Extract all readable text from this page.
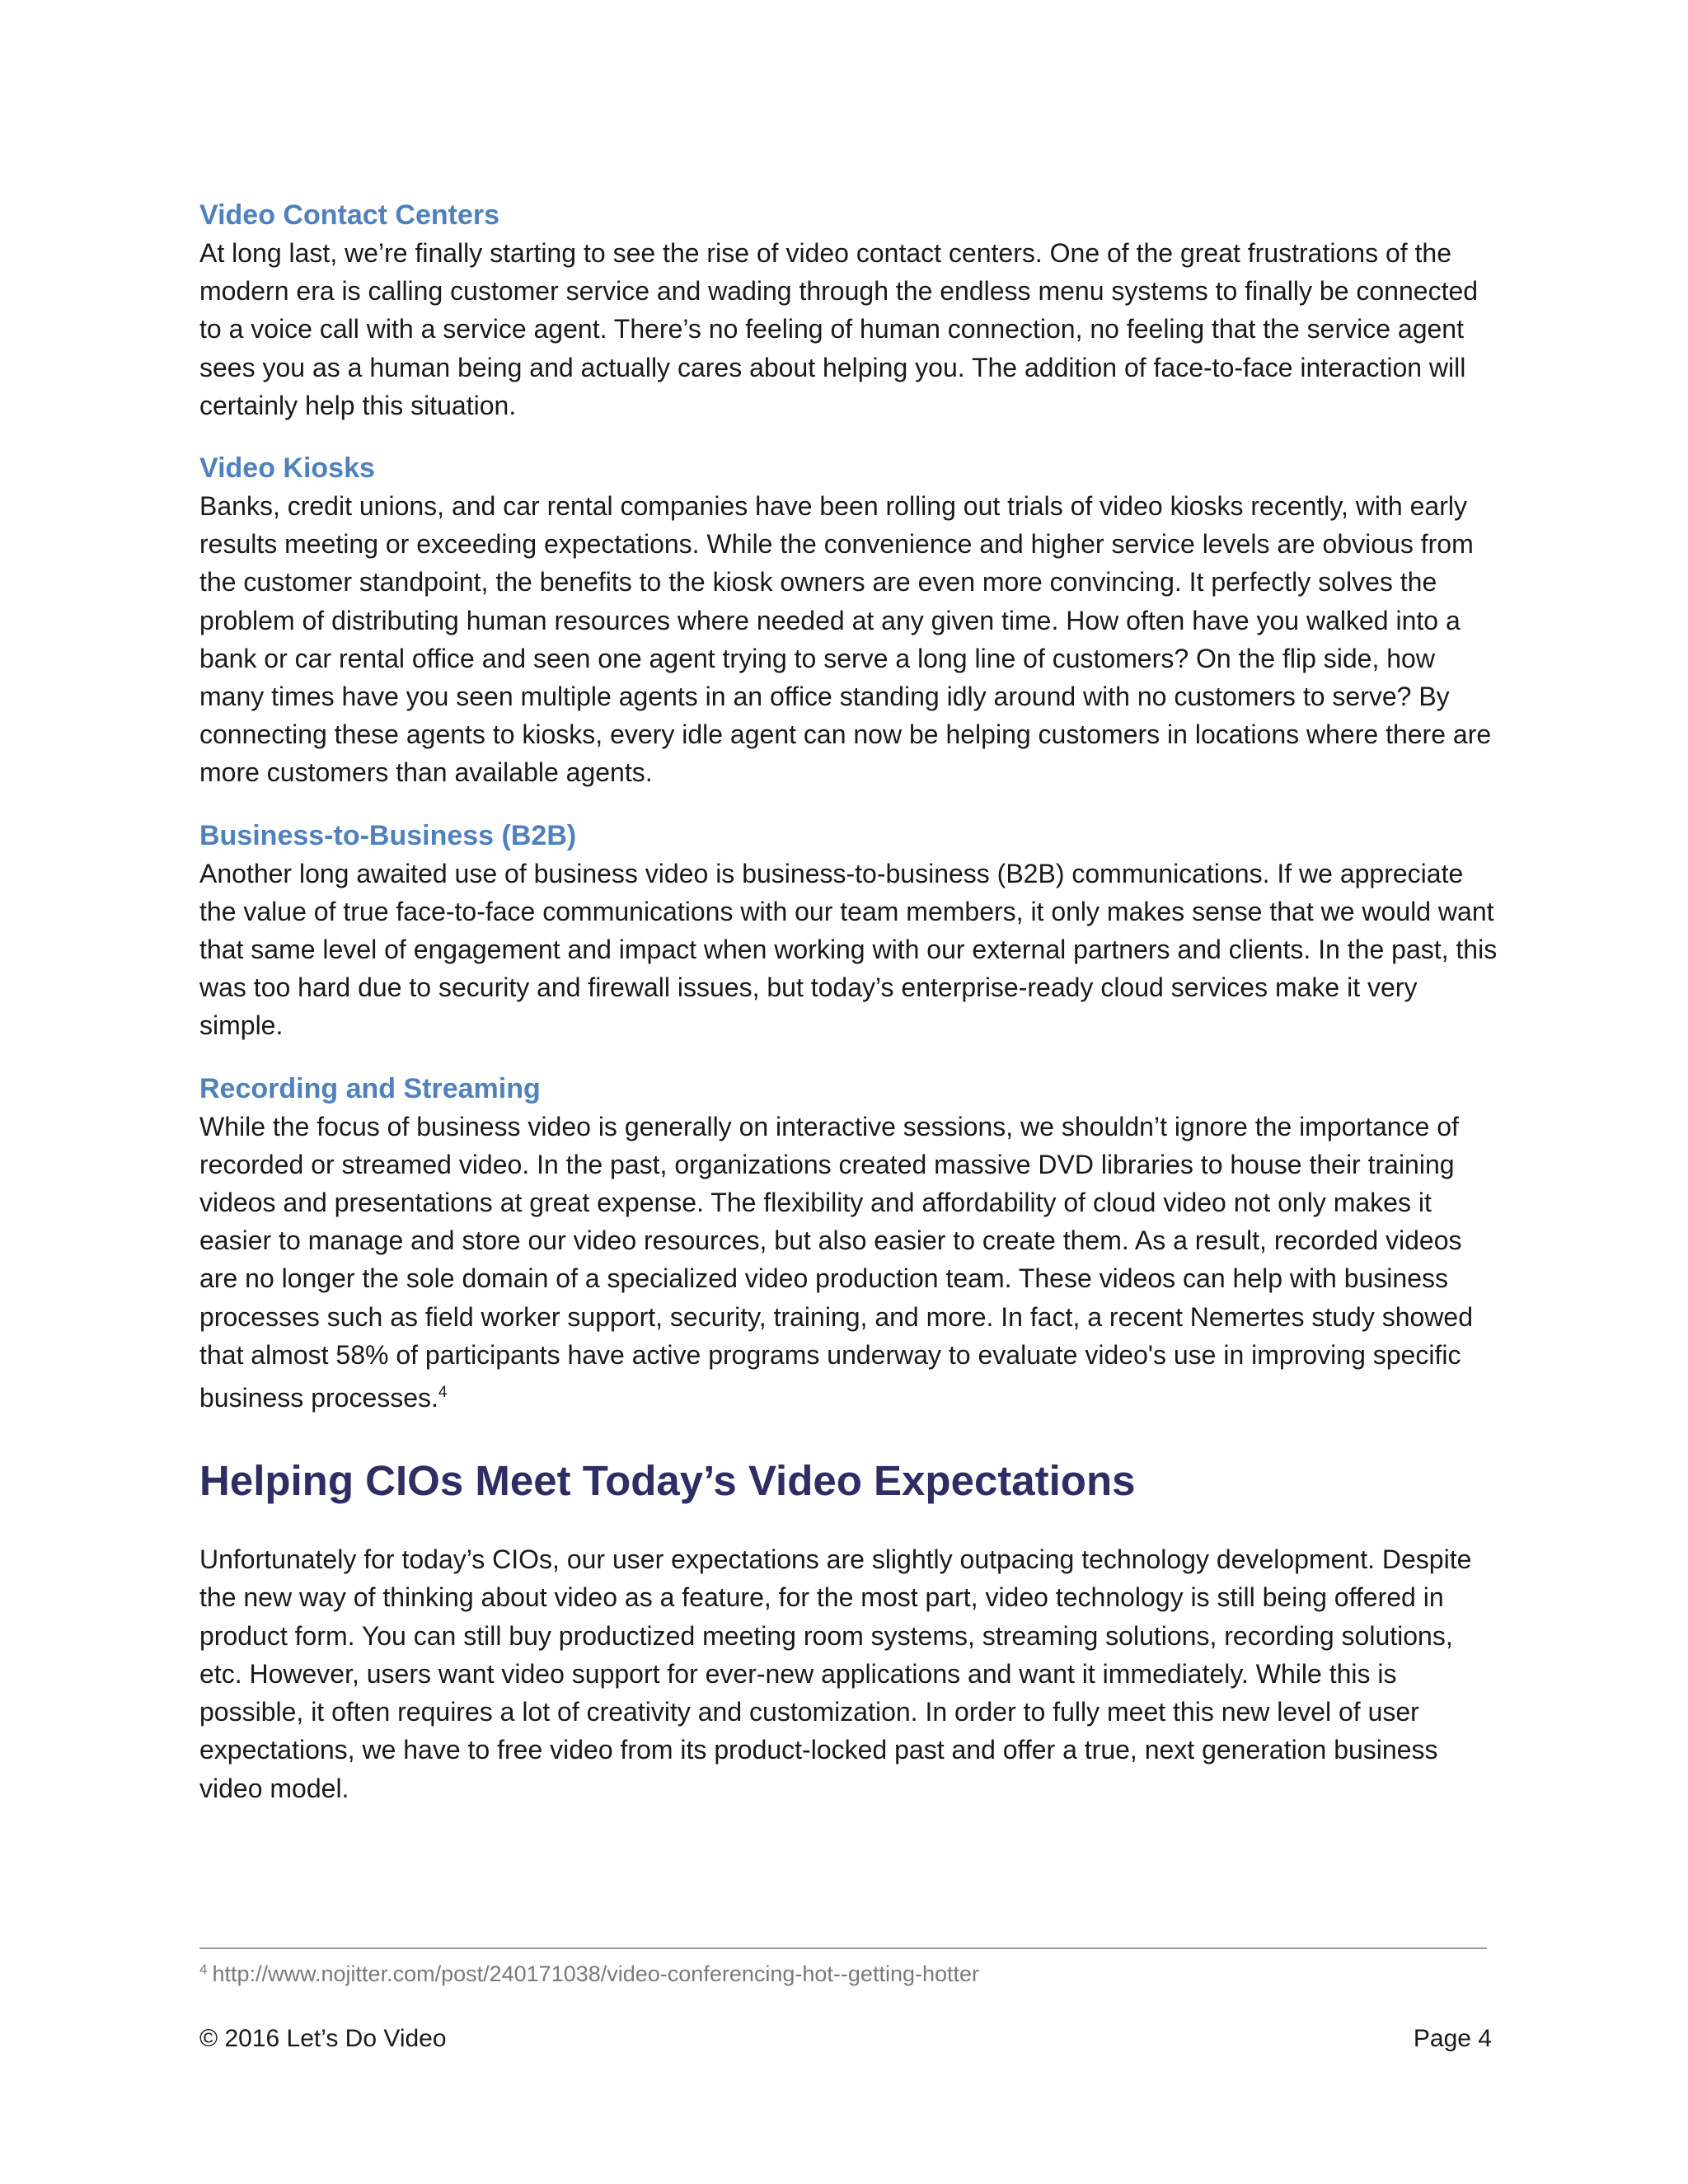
Video Contact Centers

At long last, we’re finally starting to see the rise of video contact centers. One of the great frustrations of the modern era is calling customer service and wading through the endless menu systems to finally be connected to a voice call with a service agent. There’s no feeling of human connection, no feeling that the service agent sees you as a human being and actually cares about helping you. The addition of face-to-face interaction will certainly help this situation.

Video Kiosks

Banks, credit unions, and car rental companies have been rolling out trials of video kiosks recently, with early results meeting or exceeding expectations. While the convenience and higher service levels are obvious from the customer standpoint, the benefits to the kiosk owners are even more convincing. It perfectly solves the problem of distributing human resources where needed at any given time. How often have you walked into a bank or car rental office and seen one agent trying to serve a long line of customers? On the flip side, how many times have you seen multiple agents in an office standing idly around with no customers to serve? By connecting these agents to kiosks, every idle agent can now be helping customers in locations where there are more customers than available agents.

Business-to-Business (B2B)

Another long awaited use of business video is business-to-business (B2B) communications. If we appreciate the value of true face-to-face communications with our team members, it only makes sense that we would want that same level of engagement and impact when working with our external partners and clients. In the past, this was too hard due to security and firewall issues, but today’s enterprise-ready cloud services make it very simple.

Recording and Streaming

While the focus of business video is generally on interactive sessions, we shouldn’t ignore the importance of recorded or streamed video. In the past, organizations created massive DVD libraries to house their training videos and presentations at great expense. The flexibility and affordability of cloud video not only makes it easier to manage and store our video resources, but also easier to create them. As a result, recorded videos are no longer the sole domain of a specialized video production team. These videos can help with business processes such as field worker support, security, training, and more. In fact, a recent Nemertes study showed that almost 58% of participants have active programs underway to evaluate video's use in improving specific business processes.$^4$

Helping CIOs Meet Today’s Video Expectations

Unfortunately for today’s CIOs, our user expectations are slightly outpacing technology development. Despite the new way of thinking about video as a feature, for the most part, video technology is still being offered in product form. You can still buy productized meeting room systems, streaming solutions, recording solutions, etc. However, users want video support for ever-new applications and want it immediately. While this is possible, it often requires a lot of creativity and customization. In order to fully meet this new level of user expectations, we have to free video from its product-locked past and offer a true, next generation business video model.

$^4$ http://www.nojitter.com/post/240171038/video-conferencing-hot--getting-hotter
© 2016 Let’s Do Video	Page 4
